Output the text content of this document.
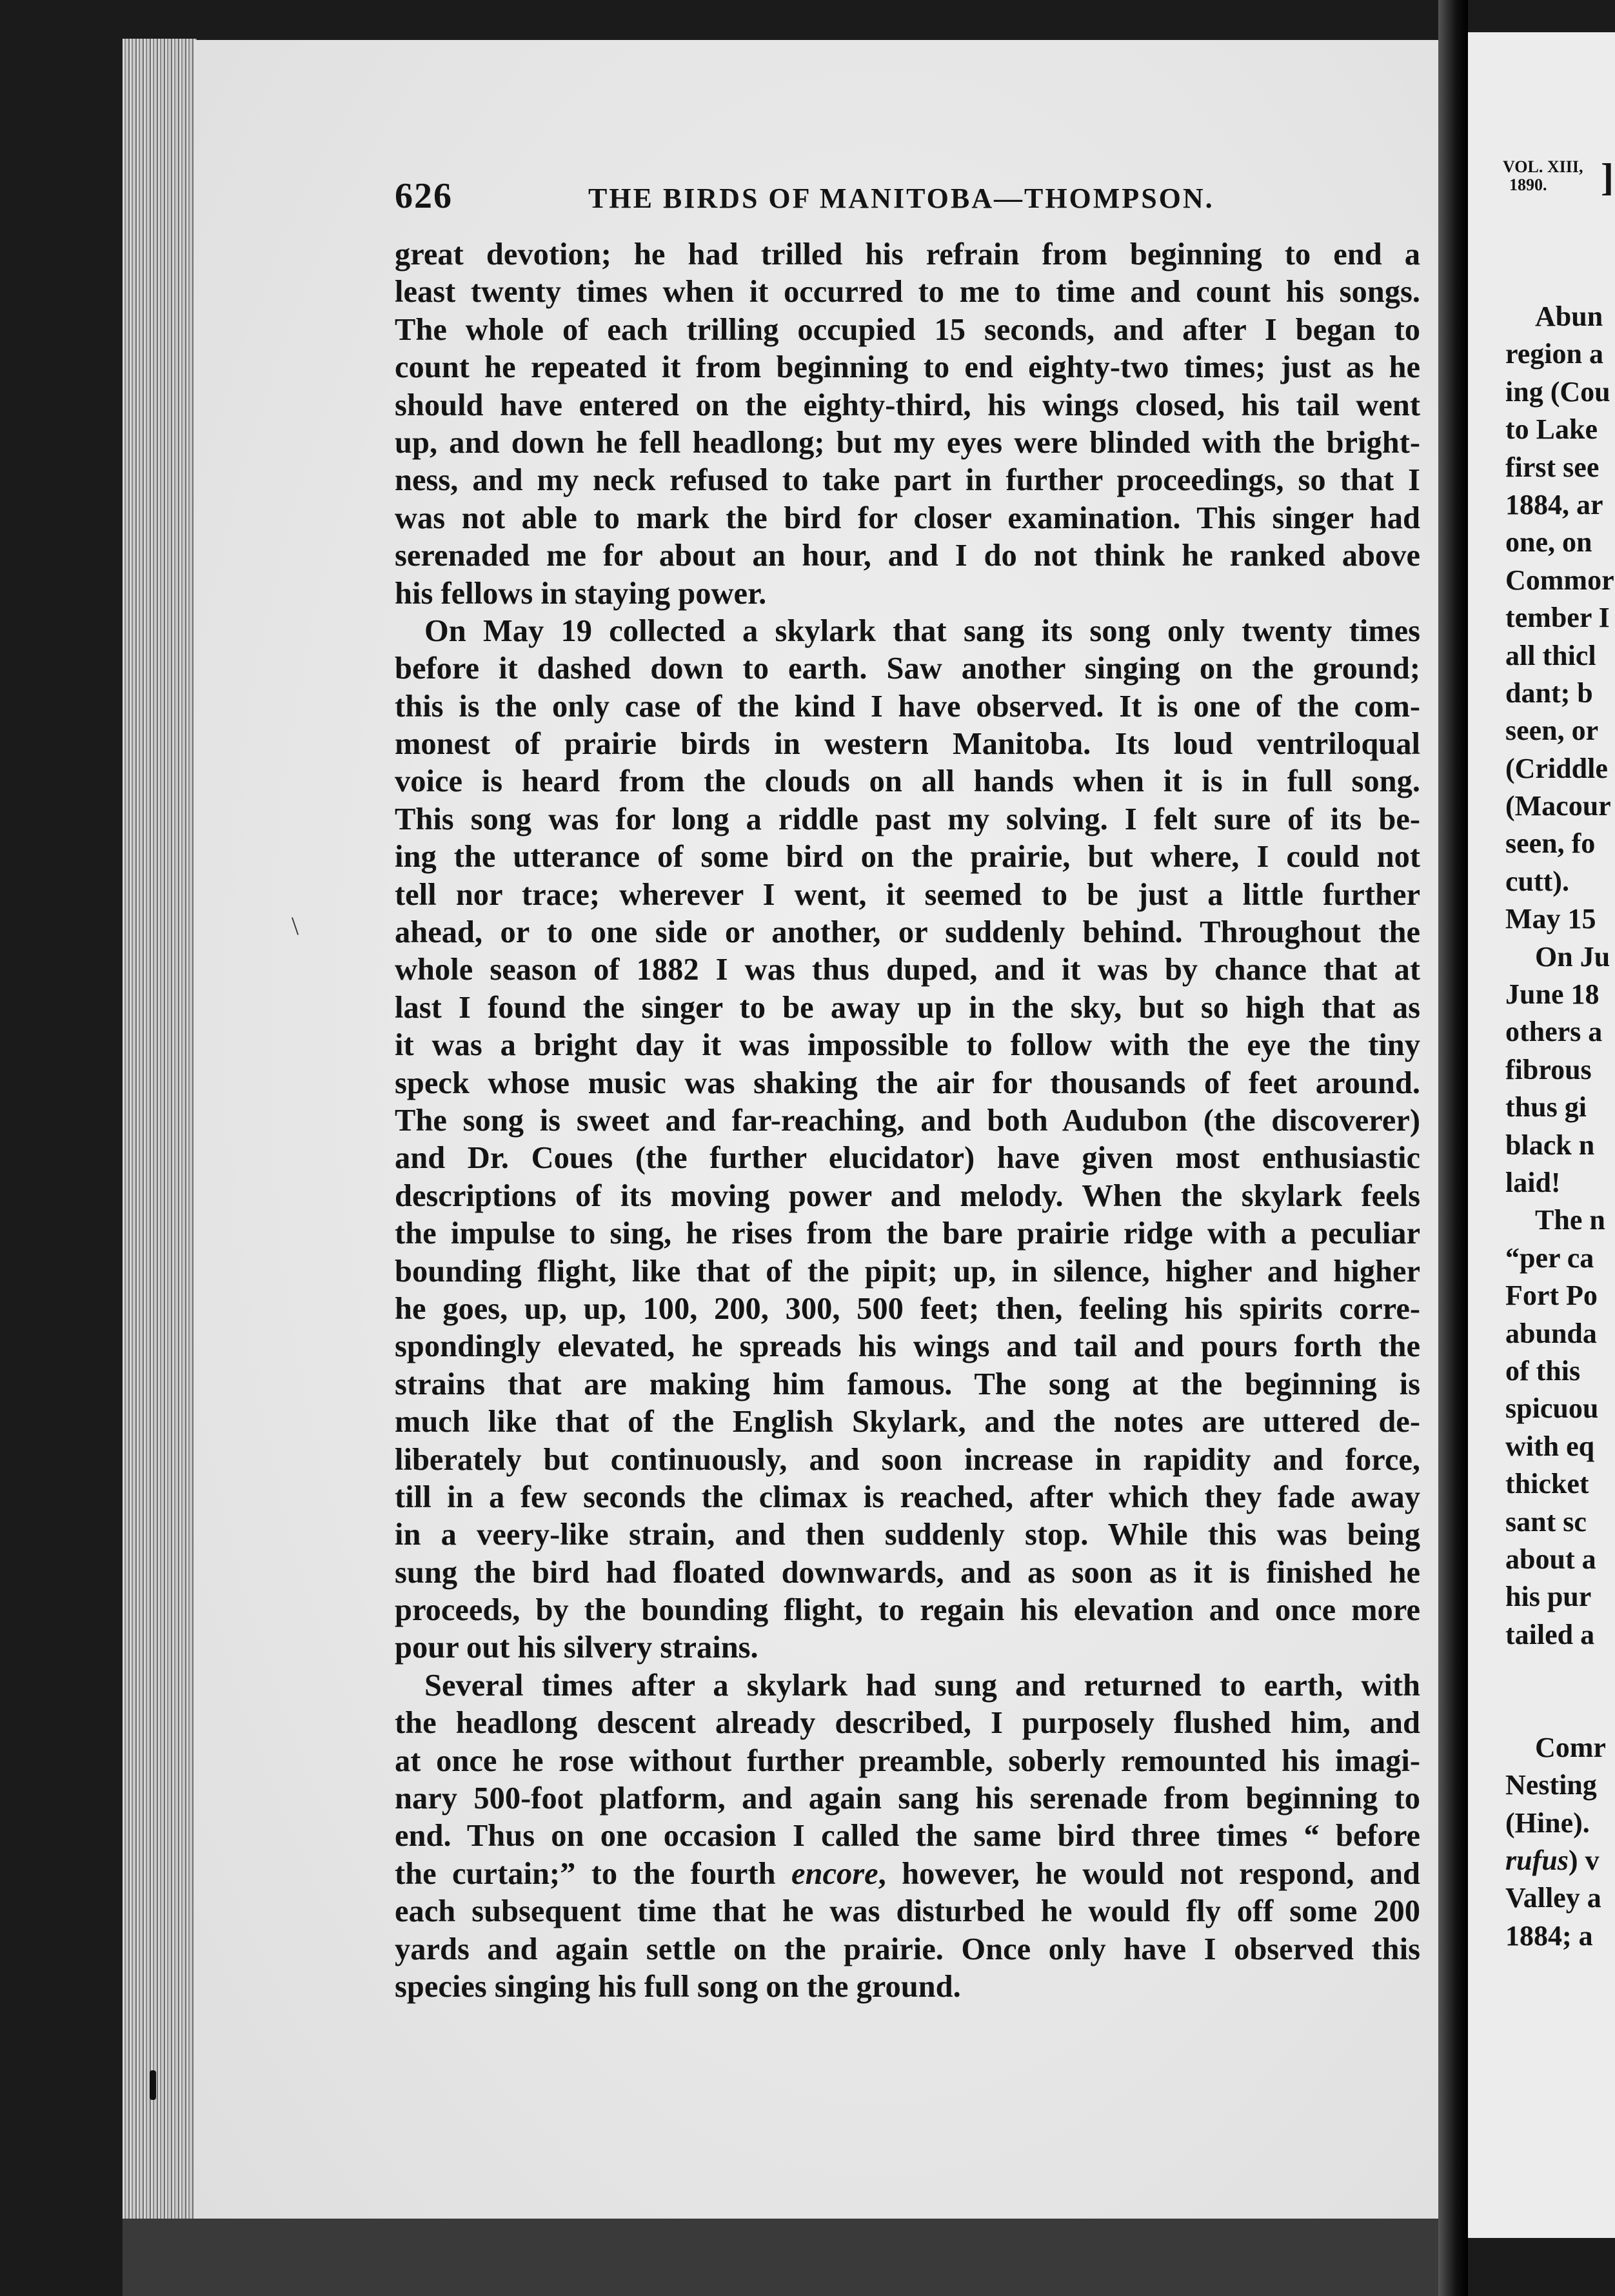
626	THE BIRDS OF MANITOBA—THOMPSON.
great devotion; he had trilled his refrain from beginning to end a
least twenty times when it occurred to me to time and count his songs.
The whole of each trilling occupied 15 seconds, and after I began to
count he repeated it from beginning to end eighty-two times; just as he
should have entered on the eighty-third, his wings closed, his tail went
up, and down he fell headlong; but my eyes were blinded with the bright-
ness, and my neck refused to take part in further proceedings, so that I
was not able to mark the bird for closer examination. This singer had
serenaded me for about an hour, and I do not think he ranked above
his fellows in staying power.
On May 19 collected a skylark that sang its song only twenty times
before it dashed down to earth. Saw another singing on the ground;
this is the only case of the kind I have observed. It is one of the com-
monest of prairie birds in western Manitoba. Its loud ventriloqual
voice is heard from the clouds on all hands when it is in full song.
This song was for long a riddle past my solving. I felt sure of its be-
ing the utterance of some bird on the prairie, but where, I could not
tell nor trace; wherever I went, it seemed to be just a little further
ahead, or to one side or another, or suddenly behind. Throughout the
whole season of 1882 I was thus duped, and it was by chance that at
last I found the singer to be away up in the sky, but so high that as
it was a bright day it was impossible to follow with the eye the tiny
speck whose music was shaking the air for thousands of feet around.
The song is sweet and far-reaching, and both Audubon (the discoverer)
and Dr. Coues (the further elucidator) have given most enthusiastic
descriptions of its moving power and melody. When the skylark feels
the impulse to sing, he rises from the bare prairie ridge with a peculiar
bounding flight, like that of the pipit; up, in silence, higher and higher
he goes, up, up, 100, 200, 300, 500 feet; then, feeling his spirits corre-
spondingly elevated, he spreads his wings and tail and pours forth the
strains that are making him famous. The song at the beginning is
much like that of the English Skylark, and the notes are uttered de-
liberately but continuously, and soon increase in rapidity and force,
till in a few seconds the climax is reached, after which they fade away
in a veery-like strain, and then suddenly stop. While this was being
sung the bird had floated downwards, and as soon as it is finished he
proceeds, by the bounding flight, to regain his elevation and once more
pour out his silvery strains.
Several times after a skylark had sung and returned to earth, with
the headlong descent already described, I purposely flushed him, and
at once he rose without further preamble, soberly remounted his imagi-
nary 500-foot platform, and again sang his serenade from beginning to
end. Thus on one occasion I called the same bird three times “ before
the curtain;” to the fourth encore, however, he would not respond, and
each subsequent time that he was disturbed he would fly off some 200
yards and again settle on the prairie. Once only have I observed this
species singing his full song on the ground.
VOL. XIII,
1890.	]
Abun
region a
ing (Cou
to Lake
first see
1884, ar
one, on
Commor
tember I
all thicl
dant; b
seen, or
(Criddle
(Macour
seen, fo
cutt).
May 15
On Ju
June 18
others a
fibrous
thus gi
black n
laid!
The n
“per ca
Fort Po
abunda
of this
spicuou
with eq
thicket
sant sc
about a
his pur
tailed a
Comr
Nesting
(Hine).
rufus) v
Valley a
1884; a
\
